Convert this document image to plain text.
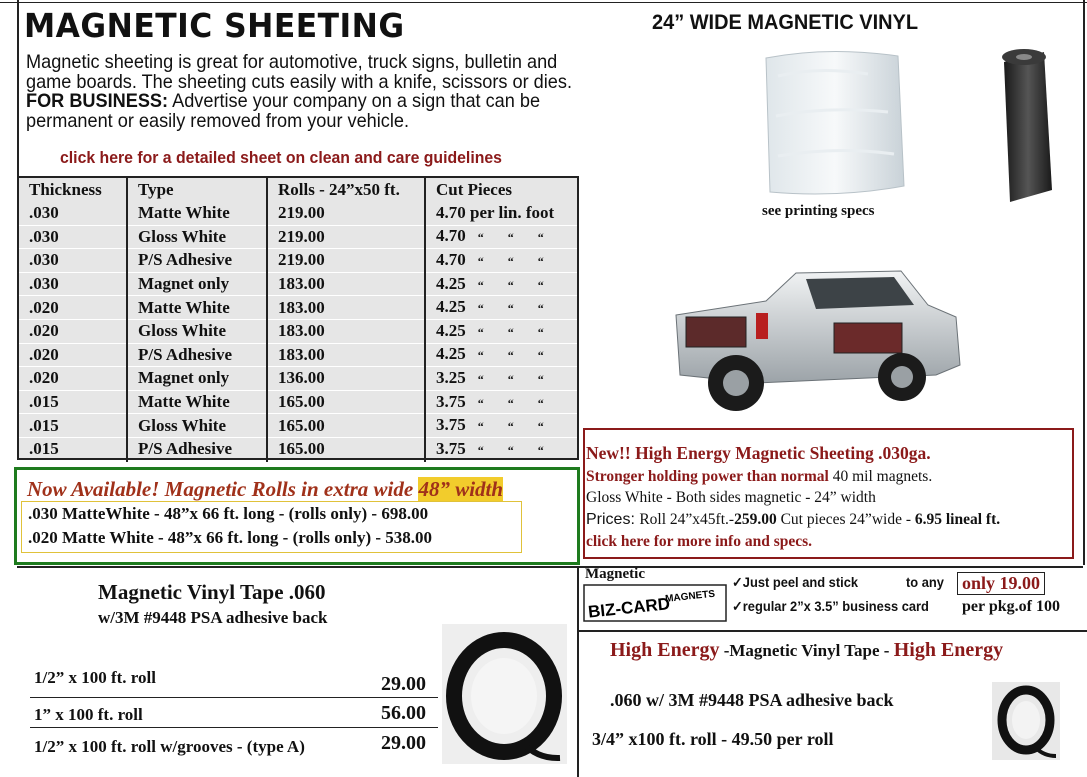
MAGNETIC SHEETING
Magnetic sheeting is great for automotive, truck signs, bulletin and
game boards. The sheeting cuts easily with a knife, scissors or dies.
FOR BUSINESS: Advertise your company on a sign that can be
permanent or easily removed from your vehicle.
click here for a detailed sheet on clean and care guidelines
Thickness	Type	Rolls - 24”x50 ft.	Cut Pieces
.030	Matte White	219.00	4.70 per lin. foot
.030	Gloss White	219.00	4.70 “ “ “
.030	P/S Adhesive	219.00	4.70 “ “ “
.030	Magnet only	183.00	4.25 “ “ “
.020	Matte White	183.00	4.25 “ “ “
.020	Gloss White	183.00	4.25 “ “ “
.020	P/S Adhesive	183.00	4.25 “ “ “
.020	Magnet only	136.00	3.25 “ “ “
.015	Matte White	165.00	3.75 “ “ “
.015	Gloss White	165.00	3.75 “ “ “
.015	P/S Adhesive	165.00	3.75 “ “ “
Now Available! Magnetic Rolls in extra wide 48” width
.030 MatteWhite - 48”x 66 ft. long - (rolls only) - 698.00
.020 Matte White - 48”x 66 ft. long - (rolls only) - 538.00
24” WIDE MAGNETIC VINYL
see printing specs
New!! High Energy Magnetic Sheeting .030ga.
Stronger holding power than normal 40 mil magnets.
Gloss White - Both sides magnetic - 24” width
Prices: Roll 24”x45ft.-259.00 Cut pieces 24”wide - 6.95 lineal ft.
click here for more info and specs.
Magnetic Vinyl Tape .060
w/3M #9448 PSA adhesive back
1/2” x 100 ft. roll	29.00
1” x 100 ft. roll	56.00
1/2” x 100 ft. roll w/grooves - (type A)	29.00
Magnetic
BIZ-CARD
MAGNETS
✓Just peel and stick	to any
✓regular 2”x 3.5” business card
only 19.00
per pkg.of 100
High Energy -Magnetic Vinyl Tape - High Energy
.060 w/ 3M #9448 PSA adhesive back
3/4” x100 ft. roll - 49.50 per roll
